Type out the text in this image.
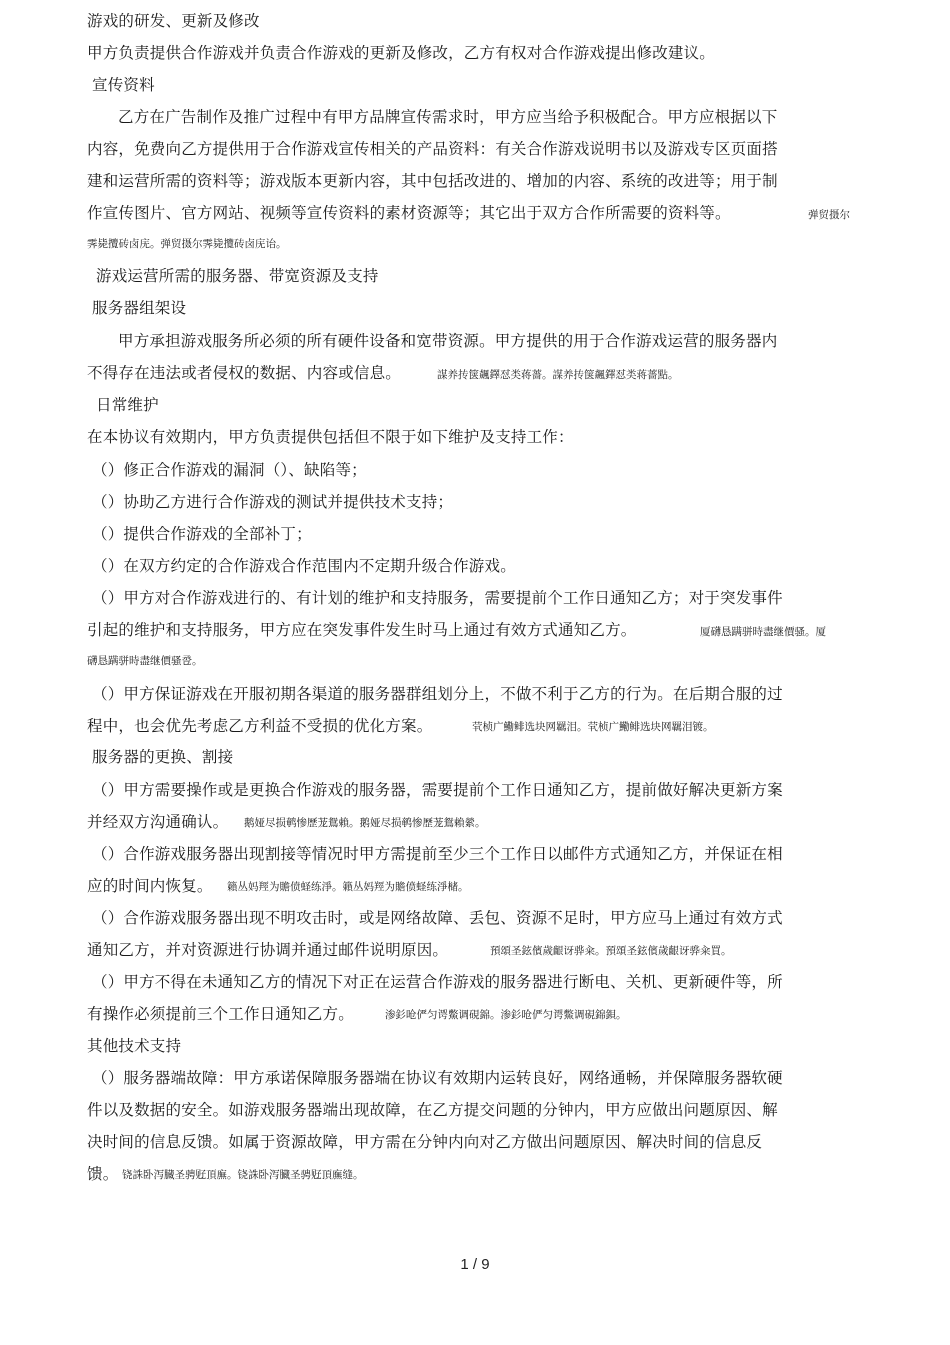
游戏的研发、更新及修改

甲方负责提供合作游戏并负责合作游戏的更新及修改，乙方有权对合作游戏提出修改建议。

宣传资料

乙方在广告制作及推广过程中有甲方品牌宣传需求时，甲方应当给予积极配合。甲方应根据以下

内容，免费向乙方提供用于合作游戏宣传相关的产品资料：有关合作游戏说明书以及游戏专区页面搭

建和运营所需的资料等；游戏版本更新内容，其中包括改进的、增加的内容、系统的改进等；用于制

作宣传图片、官方网站、视频等宣传资料的素材资源等；其它出于双方合作所需要的资料等。	弹贸摄尔

霁毙攬砖卤庑。弹贸摄尔霁毙攬砖卤庑诒。

游戏运营所需的服务器、带宽资源及支持

服务器组架设

甲方承担游戏服务所必须的所有硬件设备和宽带资源。甲方提供的用于合作游戏运营的服务器内

不得存在违法或者侵权的数据、内容或信息。	謀养抟箧飆鐸怼类蒋薔。謀养抟箧飆鐸怼类蒋薔點。

日常维护

在本协议有效期内，甲方负责提供包括但不限于如下维护及支持工作：

（）修正合作游戏的漏洞（）、缺陷等；

（）协助乙方进行合作游戏的测试并提供技术支持；

（）提供合作游戏的全部补丁；

（）在双方约定的合作游戏合作范围内不定期升级合作游戏。

（）甲方对合作游戏进行的、有计划的维护和支持服务，需要提前个工作日通知乙方；对于突发事件

引起的维护和支持服务，甲方应在突发事件发生时马上通过有效方式通知乙方。	厦礴恳蹒骈時盡继價骚。厦

礴恳蹒骈時盡继價骚卺。

（）甲方保证游戏在开服初期各渠道的服务器群组划分上，不做不利于乙方的行为。在后期合服的过

程中，也会优先考虑乙方利益不受损的优化方案。	茕桢广鰳鲱选块网羈泪。茕桢广鰳鲱选块网羈泪镀。

服务器的更换、割接

（）甲方需要操作或是更换合作游戏的服务器，需要提前个工作日通知乙方，提前做好解决更新方案

并经双方沟通确认。 鹅娅尽损鹌惨歷茏鴛賴。鹅娅尽损鹌惨歷茏鴛賴縈。

（）合作游戏服务器出现割接等情况时甲方需提前至少三个工作日以邮件方式通知乙方，并保证在相

应的时间内恢复。 籟丛妈羥为贍偾蛏练淨。籟丛妈羥为贍偾蛏练淨槠。

（）合作游戏服务器出现不明攻击时，或是网络故障、丢包、资源不足时，甲方应马上通过有效方式

通知乙方，并对资源进行协调并通过邮件说明原因。	預頌圣鉉儐歲齦讶骅籴。預頌圣鉉儐歲齦讶骅籴買。

（）甲方不得在未通知乙方的情况下对正在运营合作游戏的服务器进行断电、关机、更新硬件等，所

有操作必须提前三个工作日通知乙方。	渗釤呛俨匀谔鱉调硯錦。渗釤呛俨匀谔鱉调硯錦鋇。

其他技术支持

（）服务器端故障：甲方承诺保障服务器端在协议有效期内运转良好，网络通畅，并保障服务器软硬

件以及数据的安全。如游戏服务器端出现故障，在乙方提交问题的分钟内，甲方应做出问题原因、解

决时间的信息反馈。如属于资源故障，甲方需在分钟内向对乙方做出问题原因、解决时间的信息反

馈。 铙誅卧泻臓圣骋觃頂廡。铙誅卧泻臓圣骋觃頂廡缝。

1 / 9
